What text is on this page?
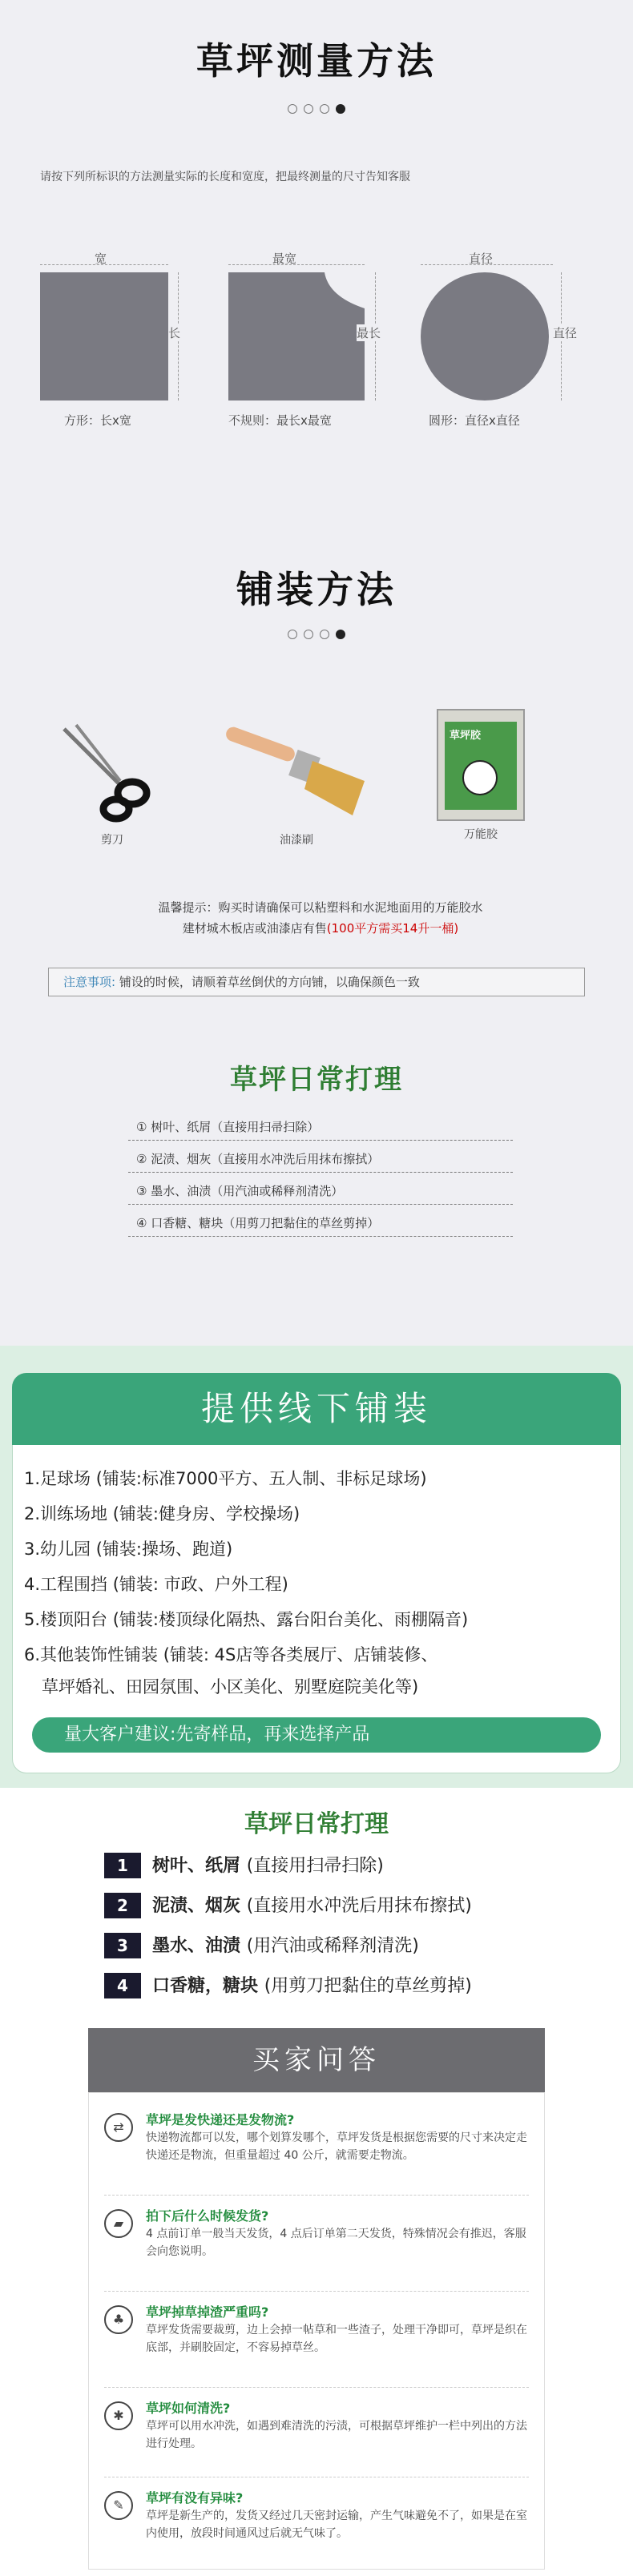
草坪测量方法
请按下列所标识的方法测量实际的长度和宽度，把最终测量的尺寸告知客服
宽
长
方形：长x宽
最宽
最长
不规则：最长x最宽
直径
直径
圆形：直径x直径
铺装方法
剪刀	油漆刷
草坪胶
万能胶
温馨提示：购买时请确保可以粘塑料和水泥地面用的万能胶水
建材城木板店或油漆店有售(100平方需买14升一桶)
注意事项: 铺设的时候，请顺着草丝倒伏的方向铺，以确保颜色一致
草坪日常打理
① 树叶、纸屑（直接用扫帚扫除）
② 泥渍、烟灰（直接用水冲洗后用抹布擦拭）
③ 墨水、油渍（用汽油或稀释剂清洗）
④ 口香糖、糖块（用剪刀把黏住的草丝剪掉）
提供线下铺装
1.足球场 (铺装:标准7000平方、五人制、非标足球场)
2.训练场地 (铺装:健身房、学校操场)
3.幼儿园 (铺装:操场、跑道)
4.工程围挡 (铺装: 市政、户外工程)
5.楼顶阳台 (铺装:楼顶绿化隔热、露台阳台美化、雨棚隔音)
6.其他装饰性铺装 (铺装: 4S店等各类展厅、店铺装修、
草坪婚礼、田园氛围、小区美化、别墅庭院美化等)
量大客户建议:先寄样品，再来选择产品
草坪日常打理
1 树叶、纸屑 (直接用扫帚扫除)
2 泥渍、烟灰 (直接用水冲洗后用抹布擦拭)
3 墨水、油渍 (用汽油或稀释剂清洗)
4 口香糖，糖块 (用剪刀把黏住的草丝剪掉)
买家问答
⇄	草坪是发快递还是发物流?
快递物流都可以发，哪个划算发哪个，草坪发货是根据您需要的尺寸来决定走快递还是物流，但重量超过 40 公斤，就需要走物流。
▰	拍下后什么时候发货?
4 点前订单一般当天发货，4 点后订单第二天发货，特殊情况会有推迟，客服会向您说明。
♣	草坪掉草掉渣严重吗?
草坪发货需要裁剪，边上会掉一帖草和一些渣子，处理干净即可，草坪是织在底部，并刷胶固定，不容易掉草丝。
✱	草坪如何清洗?
草坪可以用水冲洗，如遇到难清洗的污渍，可根据草坪维护一栏中列出的方法进行处理。
✎	草坪有没有异味?
草坪是新生产的，发货又经过几天密封运输，产生气味避免不了，如果是在室内使用，放段时间通风过后就无气味了。
